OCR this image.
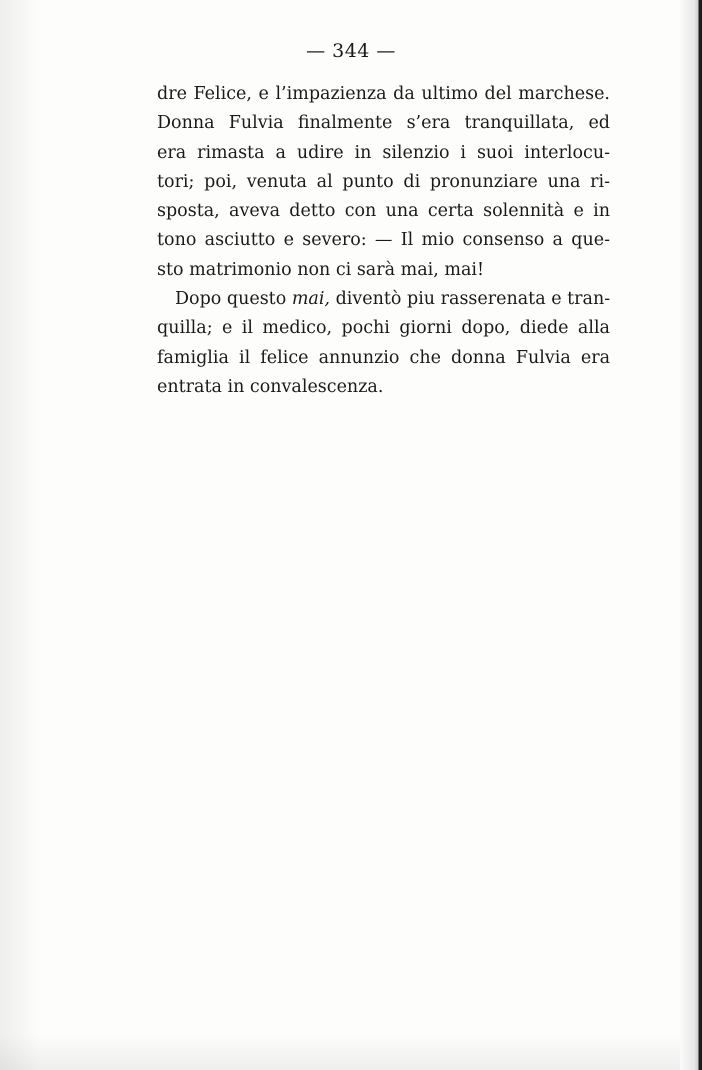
— 344 —
dre Felice, e l’impazienza da ultimo del marchese.
Donna Fulvia finalmente s’era tranquillata, ed
era rimasta a udire in silenzio i suoi interlocu-
tori; poi, venuta al punto di pronunziare una ri-
sposta, aveva detto con una certa solennità e in
tono asciutto e severo: — Il mio consenso a que-
sto matrimonio non ci sarà mai, mai!
Dopo questo mai, diventò piu rasserenata e tran-
quilla; e il medico, pochi giorni dopo, diede alla
famiglia il felice annunzio che donna Fulvia era
entrata in convalescenza.
